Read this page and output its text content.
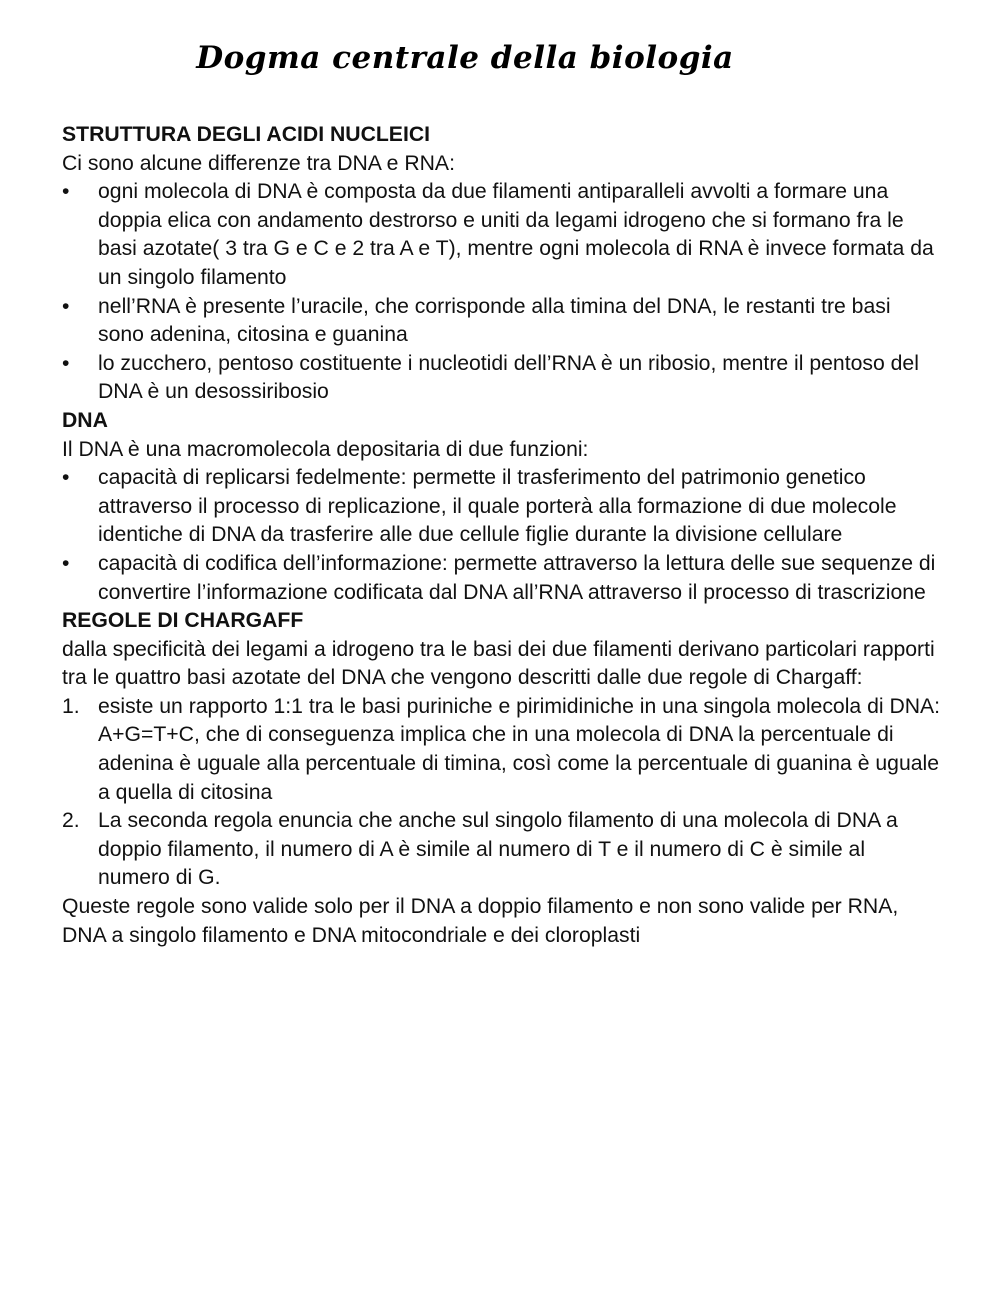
Dogma centrale della biologia

STRUTTURA DEGLI ACIDI NUCLEICI

Ci sono alcune differenze tra DNA e RNA:

•	ogni molecola di DNA è composta da due filamenti antiparalleli avvolti a formare una doppia elica con andamento destrorso e uniti da legami idrogeno che si formano fra le basi azotate( 3 tra G e C e 2 tra A e T), mentre ogni molecola di RNA è invece formata da un singolo filamento
•	nell’RNA è presente l’uracile, che corrisponde alla timina del DNA, le restanti tre basi sono adenina, citosina e guanina
•	lo zucchero, pentoso costituente i nucleotidi dell’RNA è un ribosio, mentre il pentoso del DNA è un desossiribosio

DNA

Il DNA è una macromolecola depositaria di due funzioni:

•	capacità di replicarsi fedelmente: permette il trasferimento del patrimonio genetico attraverso il processo di replicazione, il quale porterà alla formazione di due molecole identiche di DNA da trasferire alle due cellule figlie durante la divisione cellulare
•	capacità di codifica dell’informazione: permette attraverso la lettura delle sue sequenze di convertire l’informazione codificata dal DNA all’RNA attraverso il processo di trascrizione

REGOLE DI CHARGAFF

dalla specificità dei legami a idrogeno tra le basi dei due filamenti derivano particolari rapporti tra le quattro basi azotate del DNA che vengono descritti dalle due regole di Chargaff:

1. esiste un rapporto 1:1 tra le basi puriniche e pirimidiniche in una singola molecola di DNA: A+G=T+C, che di conseguenza implica che in una molecola di DNA la percentuale di adenina è uguale alla percentuale di timina, così come la percentuale di guanina è uguale a quella di citosina
2. La seconda regola enuncia che anche sul singolo filamento di una molecola di DNA a doppio filamento, il numero di A è simile al numero di T e il numero di C è simile al numero di G.

Queste regole sono valide solo per il DNA a doppio filamento e non sono valide per RNA, DNA a singolo filamento e DNA mitocondriale e dei cloroplasti
